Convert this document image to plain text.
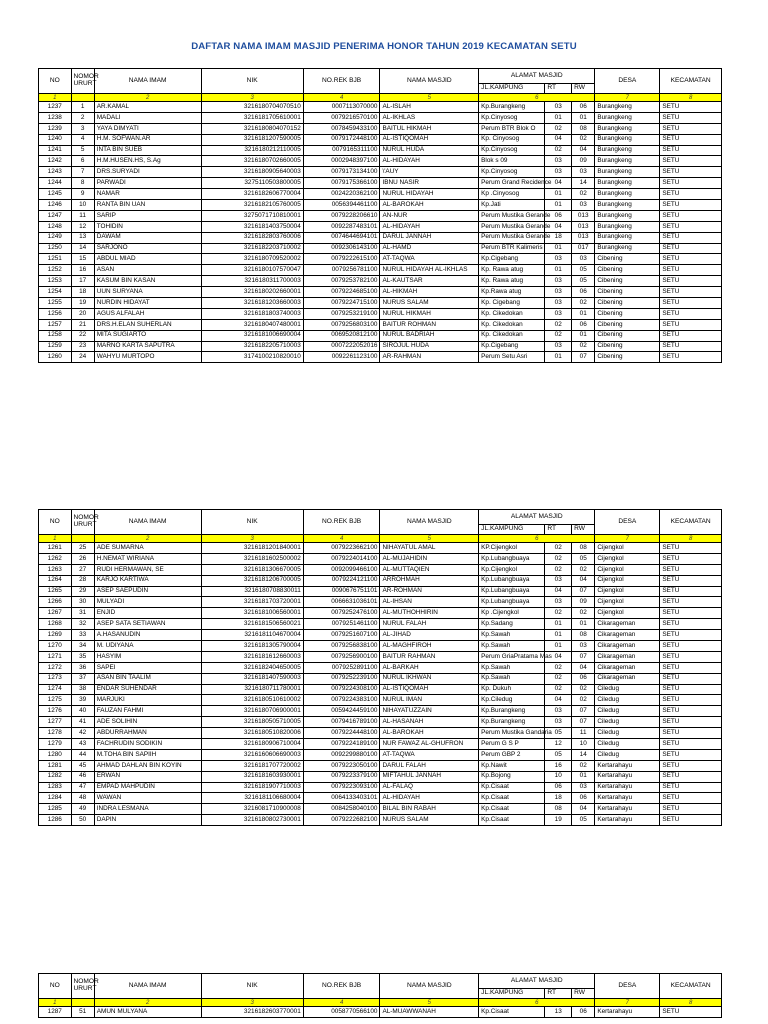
DAFTAR NAMA IMAM MASJID PENERIMA HONOR TAHUN 2019 KECAMATAN SETU
NO	NOMOR URURT	NAMA IMAM	NIK	NO.REK BJB	NAMA MASJID	ALAMAT MASJID			DESA	KECAMATAN
						JL.KAMPUNG	RT	RW		
1		2	3	4	5	6			7	8
1237	1	AR.KAMAL	3216180704070510	0007113070000	AL-ISLAH	Kp.Burangkeng	03	06	Burangkeng	SETU
1238	2	MADALI	3216181705610001	0079216570100	AL-IKHLAS	Kp.Cinyosog	01	01	Burangkeng	SETU
1239	3	YAYA DIMYATI	3216180804070152	0078459433100	BAITUL HIKMAH	Perum BTR Blok O	02	08	Burangkeng	SETU
1240	4	H.M. SOFWAN.AR	3216181207590005	0079172448100	AL-ISTIQOMAH	Kp. Cinyosog	04	02	Burangkeng	SETU
1241	5	INTA BIN SUEB	3216180212110005	0079165311100	NURUL HUDA	Kp.Cinyosog	02	04	Burangkeng	SETU
1242	6	H.M.HUSEN.HS, S.Ag	3216180702660005	0002948397100	AL-HIDAYAH	Blok s 09	03	09	Burangkeng	SETU
1243	7	DRS.SURYADI	3216180905640003	0079173134100	\'AUY	Kp.Cinyosog	03	03	Burangkeng	SETU
1244	8	PARWADI	3275110503800005	0079175366100	IBNU NASIR	Perum Grand Recidence	04	14	Burangkeng	SETU
1245	9	NAMAR	3216182606770004	0024220362100	NURUL HIDAYAH	Kp .Cinyosog	01	02	Burangkeng	SETU
1246	10	RANTA BIN UAN	3216182105760005	0056394461100	AL-BAROKAH	Kp.Jati	01	03	Burangkeng	SETU
1247	11	SARIP	3275071710810001	0079228206610	AN-NUR	Perum Mustika Gerande	06	013	Burangkeng	SETU
1248	12	TOHIDIN	3216181403750004	0092287483101	AL-HIDAYAH	Perum Mustika Gerande	04	013	Burangkeng	SETU
1249	13	DAWAM	3216182803760006	0074644694101	DARUL JANNAH	Perum Mustika Gerande	18	013	Burangkeng	SETU
1250	14	SARJONO	3216182203710002	0092306143100	AL-HAMD	Perum BTR Kalimeris	01	017	Burangkeng	SETU
1251	15	ABDUL MIAD	3216180709520002	0079222615100	AT-TAQWA	Kp.Cigebang	03	03	Cibening	SETU
1252	16	ASAN	3216180107570047	0079256781100	NURUL HIDAYAH AL-IKHLAS	Kp. Rawa atug	01	05	Cibening	SETU
1253	17	KASUM BIN KASAN	3216180311700003	0079253782100	AL-KAUTSAR	Kp. Rawa atug	03	05	Cibening	SETU
1254	18	UUN SURYANA	3216180202660001	0079224685100	AL-HIKMAH	Kp.Rawa atug	03	06	Cibening	SETU
1255	19	NURDIN HIDAYAT	3216181203660003	0079224715100	NURUS SALAM	Kp. Cigebang	03	02	Cibening	SETU
1256	20	AGUS ALFALAH	3216181803740003	0079253219100	NURUL HIKMAH	Kp. Cikedokan	03	01	Cibening	SETU
1257	21	DRS.H.ELAN SUHERLAN	3216180407480001	0079256803100	BAITUR ROHMAN	Kp. Cikedokan	02	06	Cibening	SETU
1258	22	MITA SUGIARTO	3216181006690004	0069520812100	NURUL BADRIAH	Kp. Cikedokan	02	01	Cibening	SETU
1259	23	MARNO KARTA SAPUTRA	3216182205710003	0007222052016	SIROJUL HUDA	Kp.Cigebang	03	02	Cibening	SETU
1260	24	WAHYU MURTOPO	3174100210820010	0092261123100	AR-RAHMAN	Perum Setu Asri	01	07	Cibening	SETU
NO	NOMOR URURT	NAMA IMAM	NIK	NO.REK BJB	NAMA MASJID	ALAMAT MASJID			DESA	KECAMATAN
						JL.KAMPUNG	RT	RW		
1		2	3	4	5	6			7	8
1261	25	ADE SUMARNA	3216181201840001	0079223662100	NIHAYATUL AMAL	KP.Cijengkol	02	08	Cijengkol	SETU
1262	26	H.NEMAT WIRIANA	3216181602500002	0079224014100	AL-MUJAHIDIN	Kp.Lubangbuaya	02	05	Cijengkol	SETU
1263	27	RUDI HERMAWAN, SE	3216181306670005	0092099466100	AL-MUTTAQIEN	Kp.Cijengkol	02	02	Cijengkol	SETU
1264	28	KARJO KARTIWA	3216181206700005	0079224121100	ARROHMAH	Kp.Lubangbuaya	03	04	Cijengkol	SETU
1265	29	ASEP SAEPUDIN	3216180708830011	0090676751101	AR-ROHMAN	Kp.Lubangbuaya	04	07	Cijengkol	SETU
1266	30	MULYADI	3216181703720001	0066631036101	AL-IHSAN	Kp.Lubangbuaya	03	09	Cijengkol	SETU
1267	31	ENJID	3216181006560001	0079252476100	AL-MUTHOHHIRIN	Kp .Cijengkol	02	02	Cijengkol	SETU
1268	32	ASEP SATA SETIAWAN	3216181506560021	0079251461100	NURUL FALAH	Kp.Sadang	01	01	Cikarageman	SETU
1269	33	A.HASANUDIN	3216181104670004	0079251607100	AL-JIHAD	Kp.Sawah	01	08	Cikarageman	SETU
1270	34	M. UDIYANA	3216181305790004	0079256838100	AL-MAGHFIROH	Kp.Sawah	01	03	Cikarageman	SETU
1271	35	HASYIM	3216181612660003	0079256900100	BAITUR RAHMAN	Perum GriaPratama Mas	04	07	Cikarageman	SETU
1272	36	SAPEI	3216182404650005	0079252891100	AL-BARKAH	Kp.Sawah	02	04	Cikarageman	SETU
1273	37	ASAN BIN TAALIM	3216181407590003	0079252239100	NURUL IKHWAN	Kp.Sawah	02	06	Cikarageman	SETU
1274	38	ENDAR SUHENDAR	3216180711780001	0079224308100	AL-ISTIQOMAH	Kp. Dukuh	02	02	Ciledug	SETU
1275	39	MARJUKI	3216180510610002	0079224383100	NURUL IMAN	Kp.Ciledug	04	02	Ciledug	SETU
1276	40	FAUZAN FAHMI	3216180706900001	0059424459100	NIHAYATUZZAIN	Kp.Burangkeng	03	07	Ciledug	SETU
1277	41	ADE SOLIHIN	3216180505710005	0079416789100	AL-HASANAH	Kp.Burangkeng	03	07	Ciledug	SETU
1278	42	ABDURRAHMAN	3216180510820006	0079224448100	AL-BAROKAH	Perum Mustika Gandaria	05	11	Ciledug	SETU
1279	43	FACHRUDIN SODIKIN	3216180906710004	0079224189100	NUR FAWAZ AL-GHUFRON	Perum G S P	12	10	Ciledug	SETU
1280	44	M.TOHA BIN SAPIIH	3216160606690003	0092299880100	AT-TAQWA	Perum GBP 2	05	14	Ciledug	SETU
1281	45	AHMAD DAHLAN BIN KOYIN	3216181707720002	0079223050100	DARUL FALAH	Kp.Nawit	16	02	Kertarahayu	SETU
1282	46	ERWAN	3216181603930001	0079223379100	MIFTAHUL JANNAH	Kp.Bojong	10	01	Kertarahayu	SETU
1283	47	EMPAD MAHPUDIN	3216181907710003	0079223093100	AL-FALAQ	Kp.Cisaat	06	03	Kertarahayu	SETU
1284	48	WAWAN	3216181106680004	0064133403101	AL-HIDAYAH	Kp.Cisaat	18	06	Kertarahayu	SETU
1285	49	INDRA LESMANA	3216081710900008	0084258040100	BILAL BIN RABAH	Kp.Cisaat	08	04	Kertarahayu	SETU
1286	50	DAPIN	3216180802730001	0079222682100	NURUS SALAM	Kp.Cisaat	19	05	Kertarahayu	SETU
NO	NOMOR URURT	NAMA IMAM	NIK	NO.REK BJB	NAMA MASJID	ALAMAT MASJID			DESA	KECAMATAN
						JL.KAMPUNG	RT	RW		
1		2	3	4	5	6			7	8
1287	51	AMUN MULYANA	3216182603770001	0058770566100	AL-MUAWWANAH	Kp.Cisaat	13	06	Kertarahayu	SETU
